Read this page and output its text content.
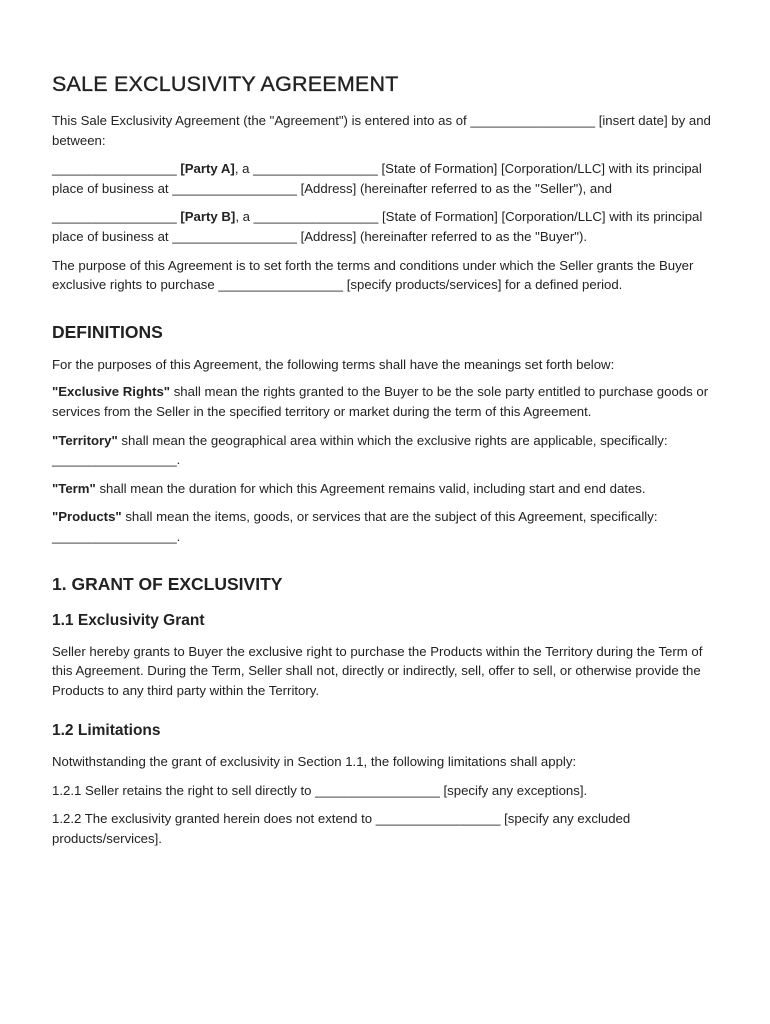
SALE EXCLUSIVITY AGREEMENT

This Sale Exclusivity Agreement (the "Agreement") is entered into as of _________________ [insert date] by and between:

_________________ [Party A], a _________________ [State of Formation] [Corporation/LLC] with its principal place of business at _________________ [Address] (hereinafter referred to as the "Seller"), and

_________________ [Party B], a _________________ [State of Formation] [Corporation/LLC] with its principal place of business at _________________ [Address] (hereinafter referred to as the "Buyer").

The purpose of this Agreement is to set forth the terms and conditions under which the Seller grants the Buyer exclusive rights to purchase _________________ [specify products/services] for a defined period.

DEFINITIONS

For the purposes of this Agreement, the following terms shall have the meanings set forth below:

"Exclusive Rights" shall mean the rights granted to the Buyer to be the sole party entitled to purchase goods or services from the Seller in the specified territory or market during the term of this Agreement.

"Territory" shall mean the geographical area within which the exclusive rights are applicable, specifically: _________________.

"Term" shall mean the duration for which this Agreement remains valid, including start and end dates.

"Products" shall mean the items, goods, or services that are the subject of this Agreement, specifically: _________________.

1. GRANT OF EXCLUSIVITY
1.1 Exclusivity Grant

Seller hereby grants to Buyer the exclusive right to purchase the Products within the Territory during the Term of this Agreement. During the Term, Seller shall not, directly or indirectly, sell, offer to sell, or otherwise provide the Products to any third party within the Territory.

1.2 Limitations

Notwithstanding the grant of exclusivity in Section 1.1, the following limitations shall apply:

1.2.1 Seller retains the right to sell directly to _________________ [specify any exceptions].

1.2.2 The exclusivity granted herein does not extend to _________________ [specify any excluded products/services].
